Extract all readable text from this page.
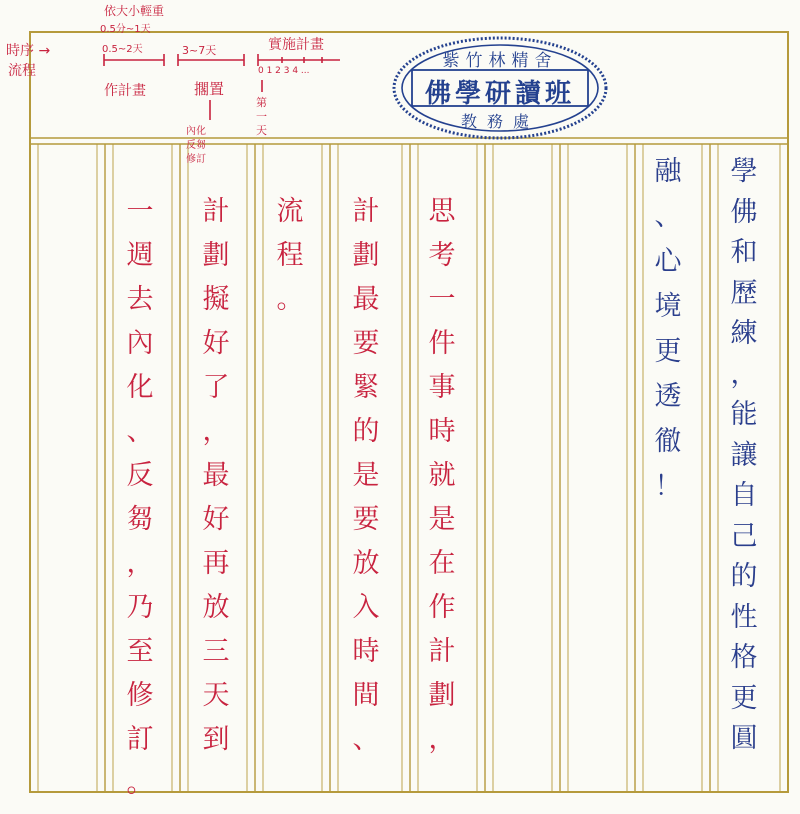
紫竹林精舍
佛學研讀班
教務處
時序 →
流程
依大小輕重
0.5分~1天
0.5~2天
作計畫
3~7天
擱置
內化
反芻
修訂
實施計畫
0 1 2 3 4 ...
第
一
天
學
佛
和
歷
練
，
能
讓
自
己
的
性
格
更
圓
融
、
心
境
更
透
徹
！
思
考
一
件
事
時
就
是
在
作
計
劃
，
計
劃
最
要
緊
的
是
要
放
入
時
間
、
流
程
。
計
劃
擬
好
了
，
最
好
再
放
三
天
到
一
週
去
內
化
、
反
芻
，
乃
至
修
訂
。
